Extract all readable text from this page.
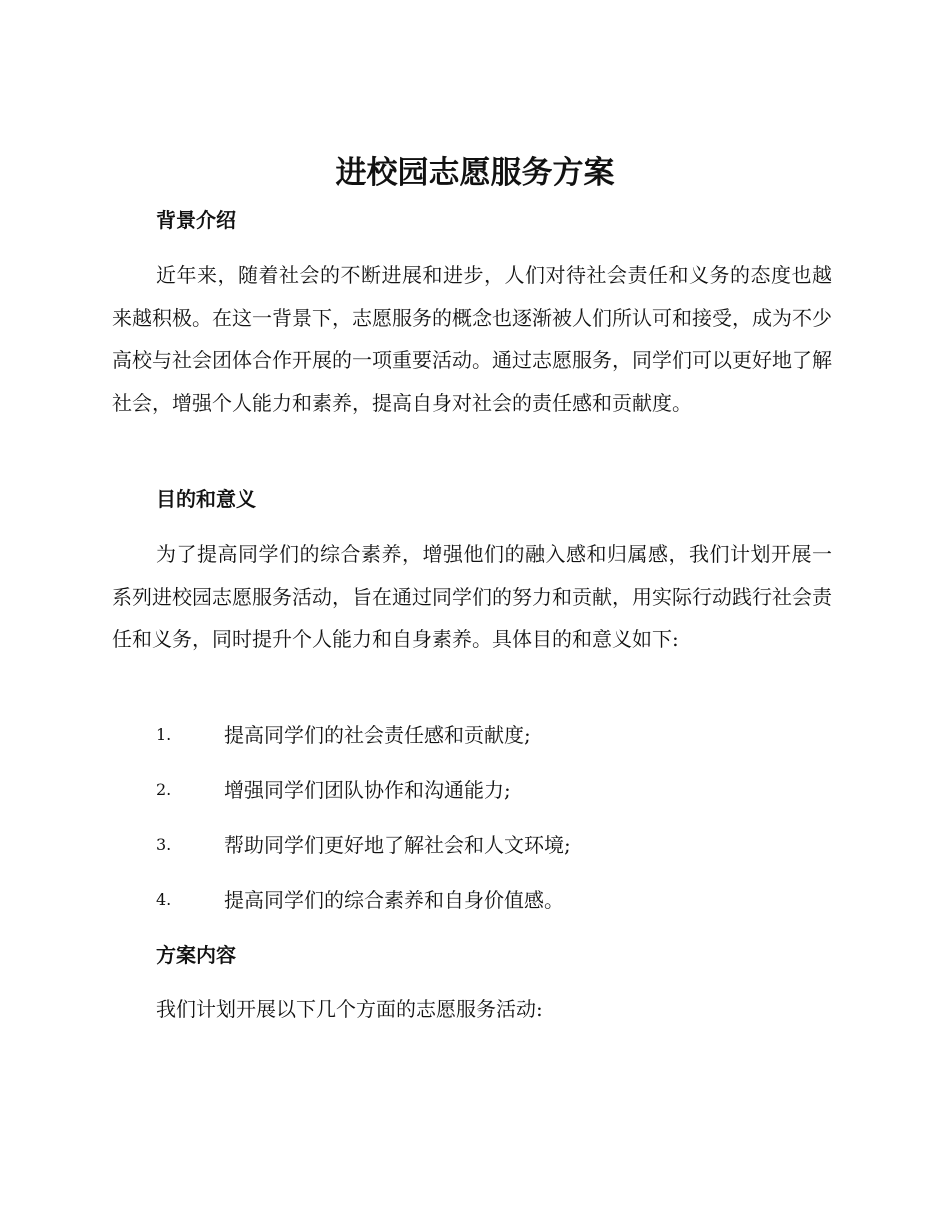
进校园志愿服务方案
背景介绍

近年来，随着社会的不断进展和进步，人们对待社会责任和义务的态度也越来越积极。在这一背景下，志愿服务的概念也逐渐被人们所认可和接受，成为不少高校与社会团体合作开展的一项重要活动。通过志愿服务，同学们可以更好地了解社会，增强个人能力和素养，提高自身对社会的责任感和贡献度。

目的和意义

为了提高同学们的综合素养，增强他们的融入感和归属感，我们计划开展一系列进校园志愿服务活动，旨在通过同学们的努力和贡献，用实际行动践行社会责任和义务，同时提升个人能力和自身素养。具体目的和意义如下:

1.	提高同学们的社会责任感和贡献度;
2.	增强同学们团队协作和沟通能力;
3.	帮助同学们更好地了解社会和人文环境;
4.	提高同学们的综合素养和自身价值感。
方案内容

我们计划开展以下几个方面的志愿服务活动:
